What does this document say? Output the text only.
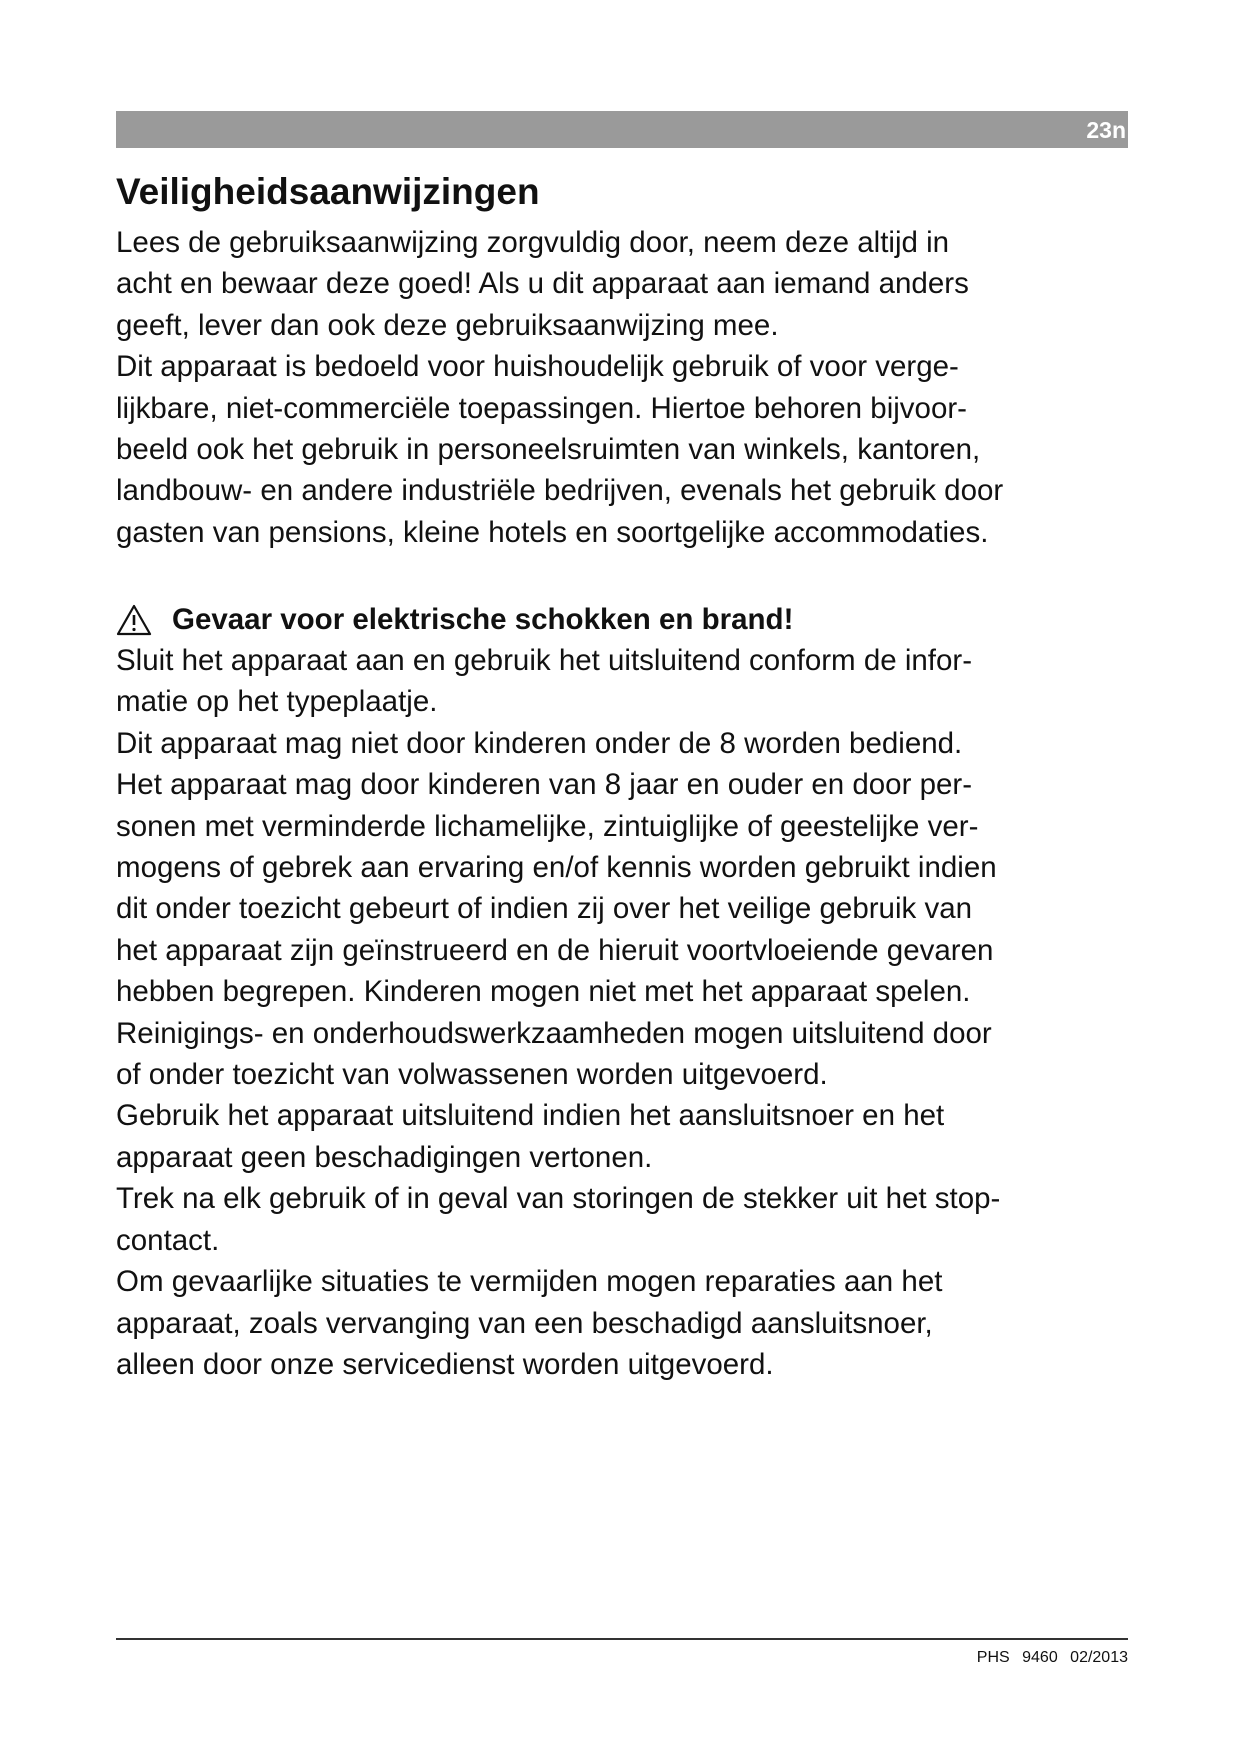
23n
Veiligheidsaanwijzingen
Lees de gebruiksaanwijzing zorgvuldig door, neem deze altijd in
acht en bewaar deze goed! Als u dit apparaat aan iemand anders
geeft, lever dan ook deze gebruiksaanwijzing mee.
Dit apparaat is bedoeld voor huishoudelijk gebruik of voor verge-
lijkbare, niet-commerciële toepassingen. Hiertoe behoren bijvoor-
beeld ook het gebruik in personeelsruimten van winkels, kantoren,
landbouw- en andere industriële bedrijven, evenals het gebruik door
gasten van pensions, kleine hotels en soortgelijke accommodaties.
Gevaar voor elektrische schokken en brand!
Sluit het apparaat aan en gebruik het uitsluitend conform de infor-
matie op het typeplaatje.
Dit apparaat mag niet door kinderen onder de 8 worden bediend.
Het apparaat mag door kinderen van 8 jaar en ouder en door per-
sonen met verminderde lichamelijke, zintuiglijke of geestelijke ver-
mogens of gebrek aan ervaring en/of kennis worden gebruikt indien
dit onder toezicht gebeurt of indien zij over het veilige gebruik van
het apparaat zijn geïnstrueerd en de hieruit voortvloeiende gevaren
hebben begrepen. Kinderen mogen niet met het apparaat spelen.
Reinigings- en onderhoudswerkzaamheden mogen uitsluitend door
of onder toezicht van volwassenen worden uitgevoerd.
Gebruik het apparaat uitsluitend indien het aansluitsnoer en het
apparaat geen beschadigingen vertonen.
Trek na elk gebruik of in geval van storingen de stekker uit het stop-
contact.
Om gevaarlijke situaties te vermijden mogen reparaties aan het
apparaat, zoals vervanging van een beschadigd aansluitsnoer,
alleen door onze servicedienst worden uitgevoerd.
PHS 9460 02/2013
